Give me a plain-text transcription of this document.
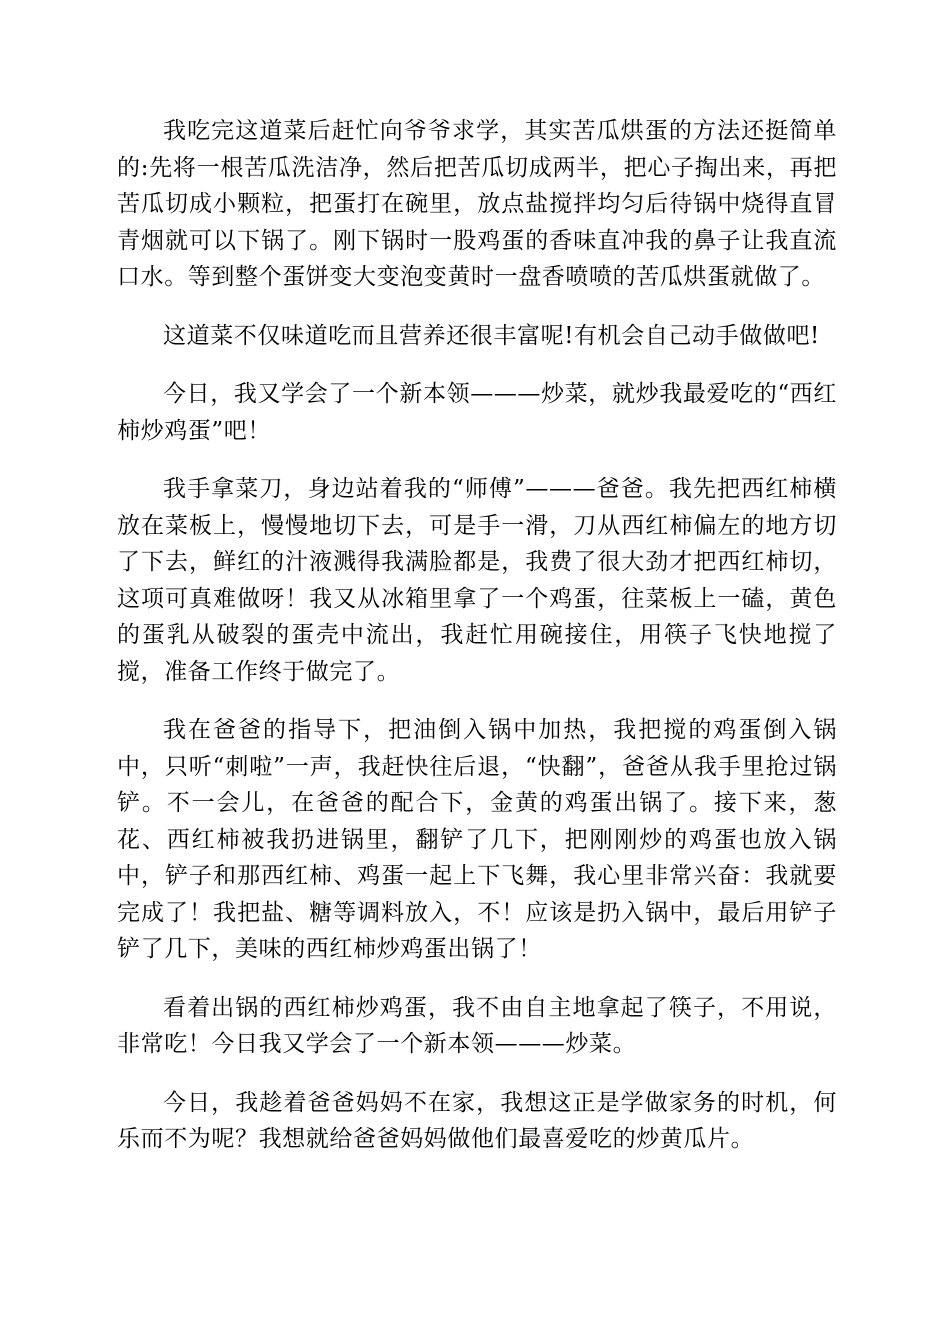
我吃完这道菜后赶忙向爷爷求学，其实苦瓜烘蛋的方法还挺简单的:先将一根苦瓜洗洁净，然后把苦瓜切成两半，把心子掏出来，再把苦瓜切成小颗粒，把蛋打在碗里，放点盐搅拌均匀后待锅中烧得直冒青烟就可以下锅了。刚下锅时一股鸡蛋的香味直冲我的鼻子让我直流口水。等到整个蛋饼变大变泡变黄时一盘香喷喷的苦瓜烘蛋就做了。

这道菜不仅味道吃而且营养还很丰富呢!有机会自己动手做做吧!

今日，我又学会了一个新本领———炒菜，就炒我最爱吃的“西红柿炒鸡蛋”吧！

我手拿菜刀，身边站着我的“师傅”———爸爸。我先把西红柿横放在菜板上，慢慢地切下去，可是手一滑，刀从西红柿偏左的地方切了下去，鲜红的汁液溅得我满脸都是，我费了很大劲才把西红柿切，这项可真难做呀！我又从冰箱里拿了一个鸡蛋，往菜板上一磕，黄色的蛋乳从破裂的蛋壳中流出，我赶忙用碗接住，用筷子飞快地搅了搅，准备工作终于做完了。

我在爸爸的指导下，把油倒入锅中加热，我把搅的鸡蛋倒入锅中，只听“刺啦”一声，我赶快往后退，“快翻”，爸爸从我手里抢过锅铲。不一会儿，在爸爸的配合下，金黄的鸡蛋出锅了。接下来，葱花、西红柿被我扔进锅里，翻铲了几下，把刚刚炒的鸡蛋也放入锅中，铲子和那西红柿、鸡蛋一起上下飞舞，我心里非常兴奋：我就要完成了！我把盐、糖等调料放入，不！应该是扔入锅中，最后用铲子铲了几下，美味的西红柿炒鸡蛋出锅了！

看着出锅的西红柿炒鸡蛋，我不由自主地拿起了筷子，不用说，非常吃！今日我又学会了一个新本领———炒菜。

今日，我趁着爸爸妈妈不在家，我想这正是学做家务的时机，何乐而不为呢？我想就给爸爸妈妈做他们最喜爱吃的炒黄瓜片。
